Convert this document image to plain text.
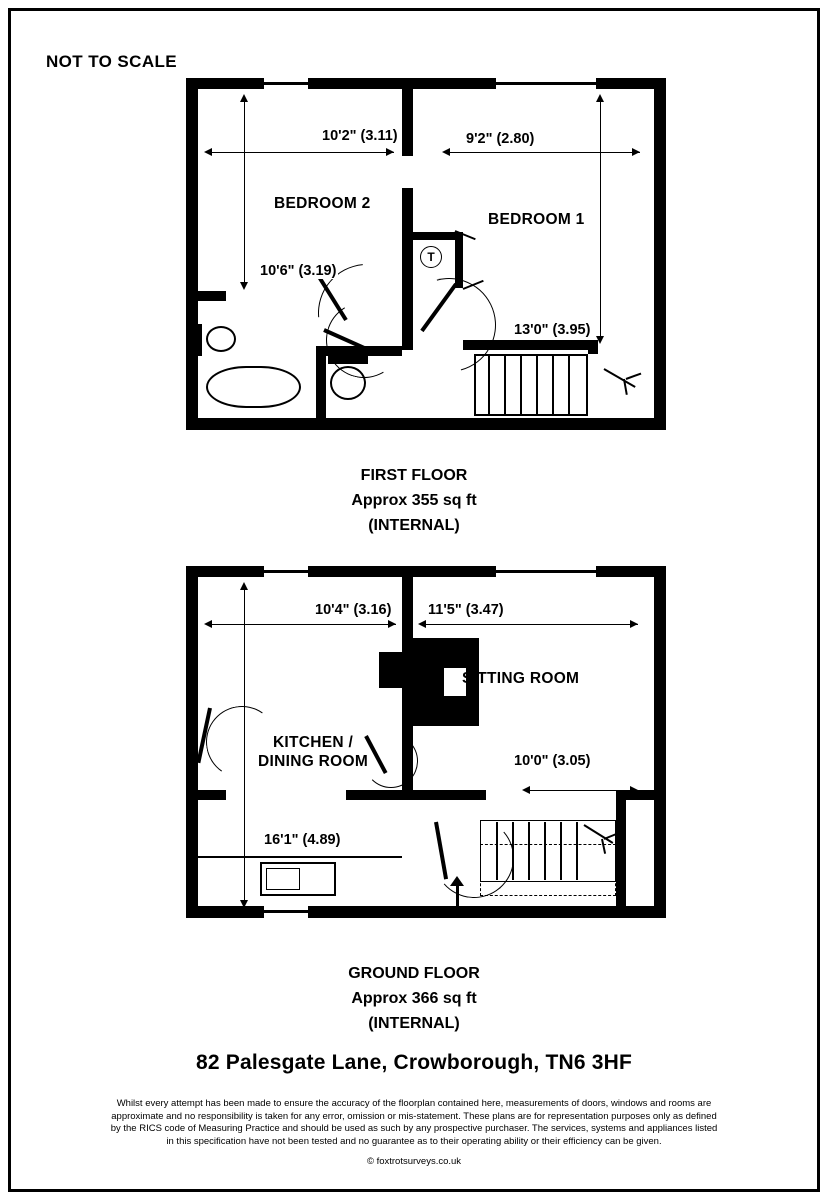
NOT TO SCALE
T
BEDROOM 2
BEDROOM 1
10'2" (3.11)	9'2" (2.80)
10'6" (3.19)
13'0" (3.95)
FIRST FLOOR
Approx 355 sq ft
(INTERNAL)
10'4" (3.16)	11'5" (3.47)
10'0" (3.05)
16'1" (4.89)
KITCHEN /
DINING ROOM
SITTING ROOM
GROUND FLOOR
Approx 366 sq ft
(INTERNAL)
82 Palesgate Lane, Crowborough, TN6 3HF
Whilst every attempt has been made to ensure the accuracy of the floorplan contained here, measurements of doors, windows and rooms are
approximate and no responsibility is taken for any error, omission or mis-statement. These plans are for representation purposes only as defined
by the RICS code of Measuring Practice and should be used as such by any prospective purchaser. The services, systems and appliances listed
in this specification have not been tested and no guarantee as to their operating ability or their efficiency can be given.
© foxtrotsurveys.co.uk
